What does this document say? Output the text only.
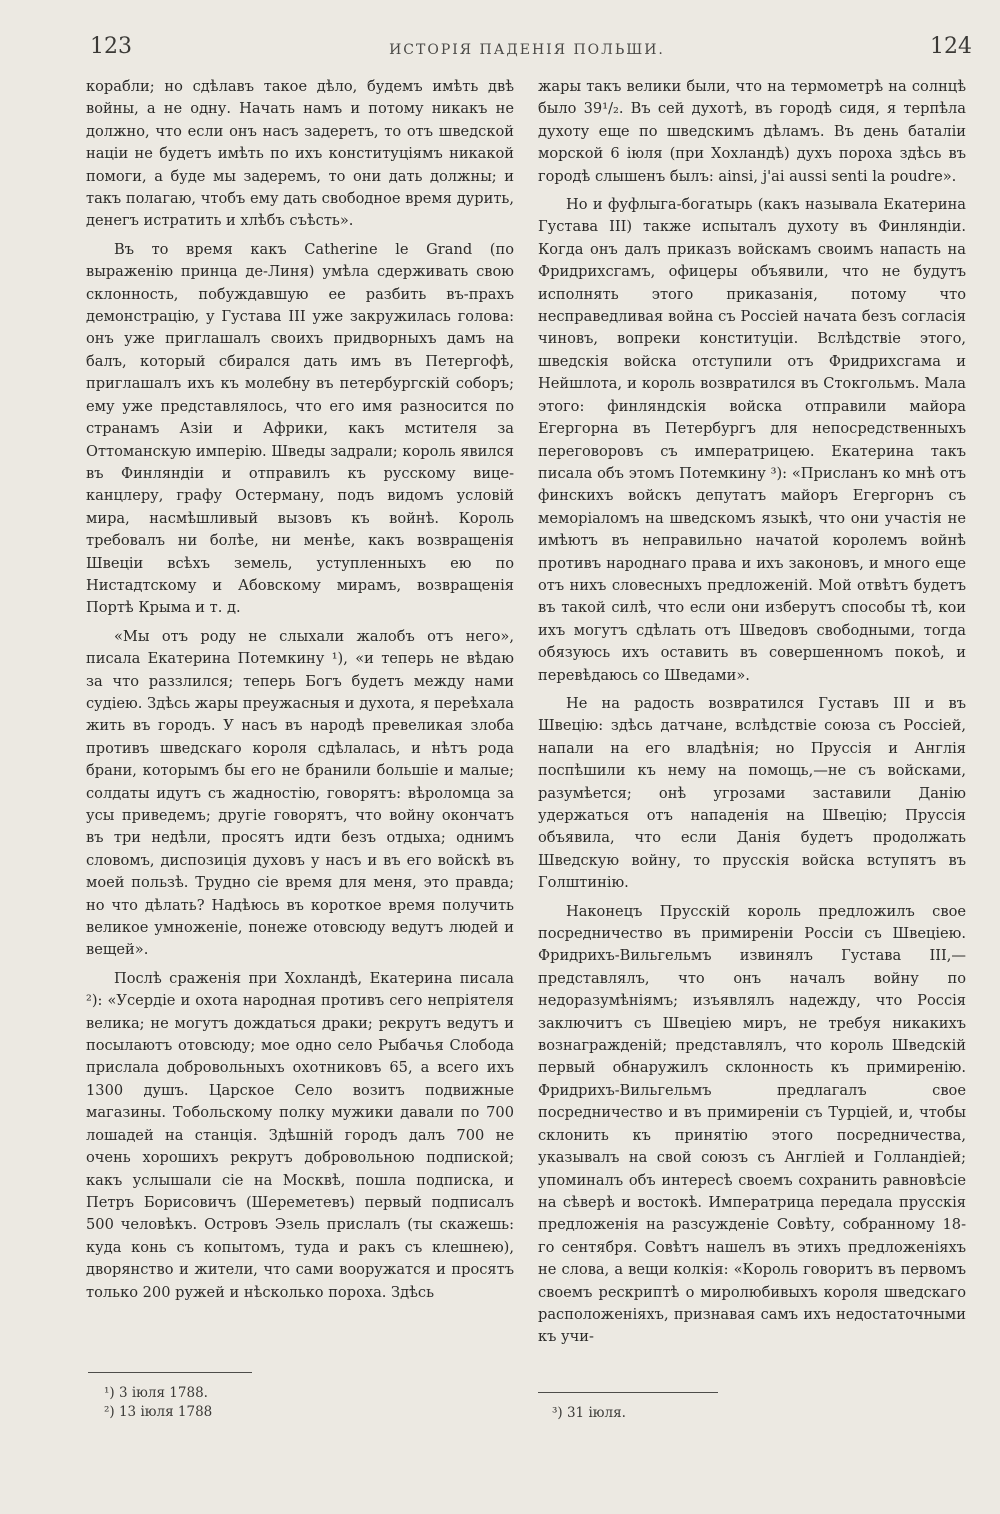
123	ИСТОРІЯ ПАДЕНІЯ ПОЛЬШИ.	124

корабли; но сдѣлавъ такое дѣло, будемъ имѣть двѣ войны, а не одну. Начать намъ и потому никакъ не должно, что если онъ насъ задеретъ, то отъ шведской націи не будетъ имѣть по ихъ конституціямъ никакой помоги, а буде мы задеремъ, то они дать должны; и такъ полагаю, чтобъ ему дать свободное время дурить, денегъ истратить и хлѣбъ съѣсть».

Въ то время какъ Catherine le Grand (по выраженію принца де-Линя) умѣла сдерживать свою склонность, побуждавшую ее разбить въ-прахъ демонстрацію, у Густава III уже закружилась голова: онъ уже приглашалъ своихъ придворныхъ дамъ на балъ, который сбирался дать имъ въ Петергофѣ, приглашалъ ихъ къ молебну въ петербургскій соборъ; ему уже представлялось, что его имя разносится по странамъ Азіи и Африки, какъ мстителя за Оттоманскую имперію. Шведы задрали; король явился въ Финляндіи и отправилъ къ русскому вице-канцлеру, графу Остерману, подъ видомъ условій мира, насмѣшливый вызовъ къ войнѣ. Король требовалъ ни болѣе, ни менѣе, какъ возвращенія Швеціи всѣхъ земель, уступленныхъ ею по Нистадтскому и Абовскому мирамъ, возвращенія Портѣ Крыма и т. д.

«Мы отъ роду не слыхали жалобъ отъ него», писала Екатерина Потемкину ¹), «и теперь не вѣдаю за что раззлился; теперь Богъ будетъ между нами судіею. Здѣсь жары преужасныя и духота, я переѣхала жить въ городъ. У насъ въ народѣ превеликая злоба противъ шведскаго короля сдѣлалась, и нѣтъ рода брани, которымъ бы его не бранили большіе и малые; солдаты идутъ съ жадностію, говорятъ: вѣроломца за усы приведемъ; другіе говорятъ, что войну окончатъ въ три недѣли, просятъ идти безъ отдыха; однимъ словомъ, диспозиція духовъ у насъ и въ его войскѣ въ моей пользѣ. Трудно сіе время для меня, это правда; но что дѣлать? Надѣюсь въ короткое время получить великое умноженіе, понеже отовсюду ведутъ людей и вещей».

Послѣ сраженія при Хохландѣ, Екатерина писала ²): «Усердіе и охота народная противъ сего непріятеля велика; не могутъ дождаться драки; рекрутъ ведутъ и посылаютъ отовсюду; мое одно село Рыбачья Слобода прислала добровольныхъ охотниковъ 65, а всего ихъ 1300 душъ. Царское Село возитъ подвижные магазины. Тобольскому полку мужики давали по 700 лошадей на станція. Здѣшній городъ далъ 700 не очень хорошихъ рекрутъ добровольною подпиской; какъ услышали сіе на Москвѣ, пошла подписка, и Петръ Борисовичъ (Шереметевъ) первый подписалъ 500 человѣкъ. Островъ Эзель прислалъ (ты скажешь: куда конь съ копытомъ, туда и ракъ съ клешнею), дворянство и жители, что сами вооружатся и просятъ только 200 ружей и нѣсколько пороха. Здѣсь

жары такъ велики были, что на термометрѣ на солнцѣ было 39¹/₂. Въ сей духотѣ, въ городѣ сидя, я терпѣла духоту еще по шведскимъ дѣламъ. Въ день баталіи морской 6 іюля (при Хохландѣ) духъ пороха здѣсь въ городѣ слышенъ былъ: ainsi, j'ai aussi senti la poudre».

Но и фуфлыга-богатырь (какъ называла Екатерина Густава III) также испыталъ духоту въ Финляндіи. Когда онъ далъ приказъ войскамъ своимъ напасть на Фридрихсгамъ, офицеры объявили, что не будутъ исполнять этого приказанія, потому что несправедливая война съ Россіей начата безъ согласія чиновъ, вопреки конституціи. Вслѣдствіе этого, шведскія войска отступили отъ Фридрихсгама и Нейшлота, и король возвратился въ Стокгольмъ. Мала этого: финляндскія войска отправили майора Егергорна въ Петербургъ для непосредственныхъ переговоровъ съ императрицею. Екатерина такъ писала объ этомъ Потемкину ³): «Присланъ ко мнѣ отъ финскихъ войскъ депутатъ майоръ Егергорнъ съ меморіаломъ на шведскомъ языкѣ, что они участія не имѣютъ въ неправильно начатой королемъ войнѣ противъ народнаго права и ихъ законовъ, и много еще отъ нихъ словесныхъ предложеній. Мой отвѣтъ будетъ въ такой силѣ, что если они изберутъ способы тѣ, кои ихъ могутъ сдѣлать отъ Шведовъ свободными, тогда обязуюсь ихъ оставить въ совершенномъ покоѣ, и перевѣдаюсь со Шведами».

Не на радость возвратился Густавъ III и въ Швецію: здѣсь датчане, вслѣдствіе союза съ Россіей, напали на его владѣнія; но Пруссія и Англія поспѣшили къ нему на помощь,—не съ войсками, разумѣется; онѣ угрозами заставили Данію удержаться отъ нападенія на Швецію; Пруссія объявила, что если Данія будетъ продолжать Шведскую войну, то прусскія войска вступятъ въ Голштинію.

Наконецъ Прусскій король предложилъ свое посредничество въ примиреніи Россіи съ Швеціею. Фридрихъ-Вильгельмъ извинялъ Густава III,— представлялъ, что онъ началъ войну по недоразумѣніямъ; изъявлялъ надежду, что Россія заключитъ съ Швеціею миръ, не требуя никакихъ вознагражденій; представлялъ, что король Шведскій первый обнаружилъ склонность къ примиренію. Фридрихъ-Вильгельмъ предлагалъ свое посредничество и въ примиреніи съ Турціей, и, чтобы склонить къ принятію этого посредничества, указывалъ на свой союзъ съ Англіей и Голландіей; упоминалъ объ интересѣ своемъ сохранить равновѣсіе на сѣверѣ и востокѣ. Императрица передала прусскія предложенія на разсужденіе Совѣту, собранному 18-го сентября. Совѣтъ нашелъ въ этихъ предложеніяхъ не слова, а вещи колкія: «Король говоритъ въ первомъ своемъ рескриптѣ о миролюбивыхъ короля шведскаго расположеніяхъ, признавая самъ ихъ недостаточными къ учи-

¹) 3 іюля 1788.
²) 13 іюля 1788	³) 31 іюля.
